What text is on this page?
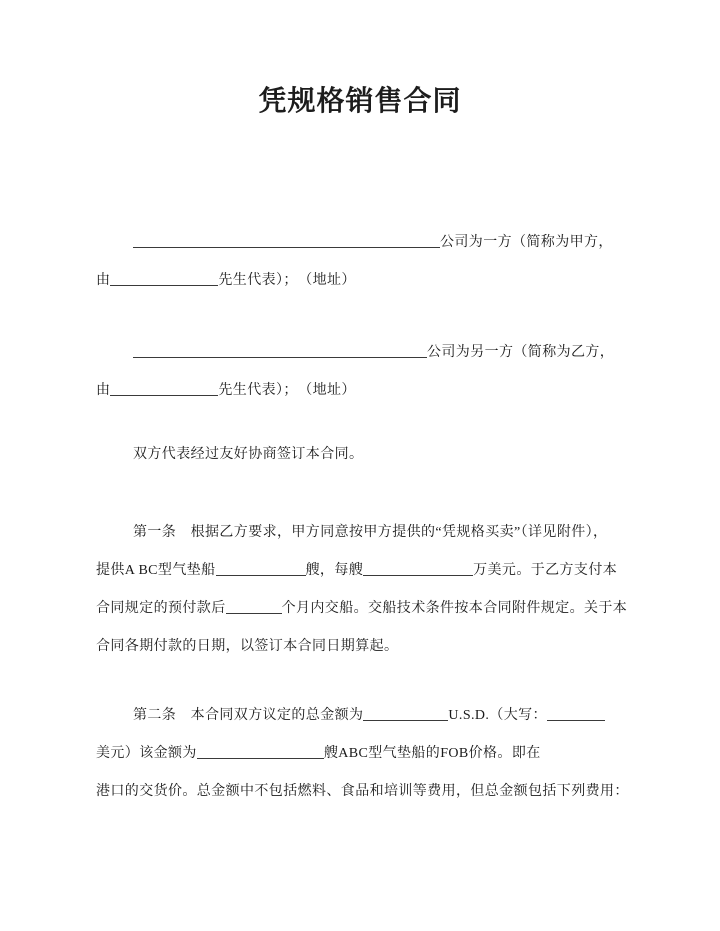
凭规格销售合同
公司为一方（简称为甲方，
由	先生代表）；　（地址）
公司为另一方（简称为乙方，
由	先生代表）；　（地址）
双方代表经过友好协商签订本合同。
第一条　根据乙方要求，甲方同意按甲方提供的“凭规格买卖”（详见附件），
提供A BC型气垫船	艘，每艘	万美元。于乙方支付本
合同规定的预付款后	个月内交船。交船技术条件按本合同附件规定。关于本
合同各期付款的日期，以签订本合同日期算起。
第二条　本合同双方议定的总金额为	U.S.D.（大写：
美元）该金额为	艘ABC型气垫船的FOB价格。即在
港口的交货价。总金额中不包括燃料、食品和培训等费用，但总金额包括下列费用：
